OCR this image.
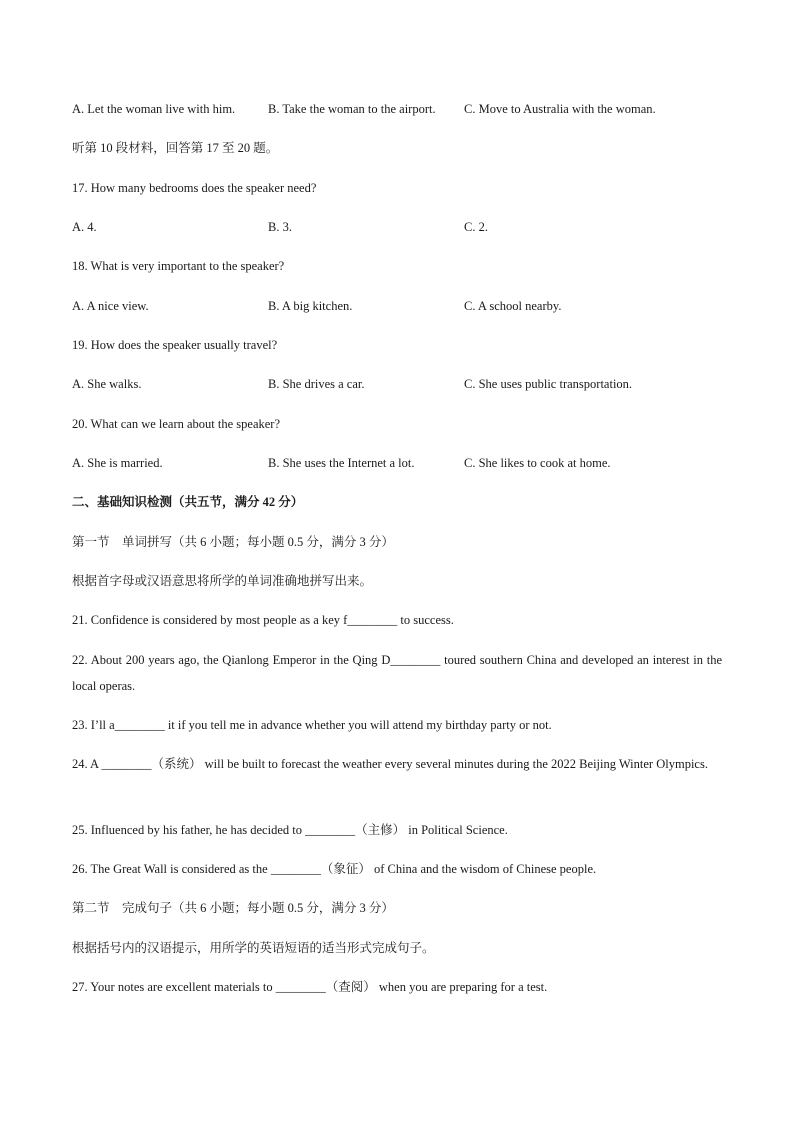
A. Let the woman live with him.	B. Take the woman to the airport. C. Move to Australia with the woman.
听第 10 段材料，回答第 17 至 20 题。
17. How many bedrooms does the speaker need?
A. 4.	B. 3.	C. 2.
18. What is very important to the speaker?
A. A nice view.	B. A big kitchen.	C. A school nearby.
19. How does the speaker usually travel?
A. She walks.	B. She drives a car.	C. She uses public transportation.
20. What can we learn about the speaker?
A. She is married.	B. She uses the Internet a lot.	C. She likes to cook at home.
二、基础知识检测（共五节，满分 42 分）
第一节　单词拼写（共 6 小题；每小题 0.5 分，满分 3 分）
根据首字母或汉语意思将所学的单词准确地拼写出来。
21. Confidence is considered by most people as a key f________ to success.
22. About 200 years ago, the Qianlong Emperor in the Qing D________ toured southern China and developed an interest in the local operas.
23. I’ll a________ it if you tell me in advance whether you will attend my birthday party or not.
24. A ________（系统） will be built to forecast the weather every several minutes during the 2022 Beijing Winter Olympics.
25. Influenced by his father, he has decided to ________（主修） in Political Science.
26. The Great Wall is considered as the ________（象征） of China and the wisdom of Chinese people.
第二节　完成句子（共 6 小题；每小题 0.5 分，满分 3 分）
根据括号内的汉语提示，用所学的英语短语的适当形式完成句子。
27. Your notes are excellent materials to ________（查阅） when you are preparing for a test.
